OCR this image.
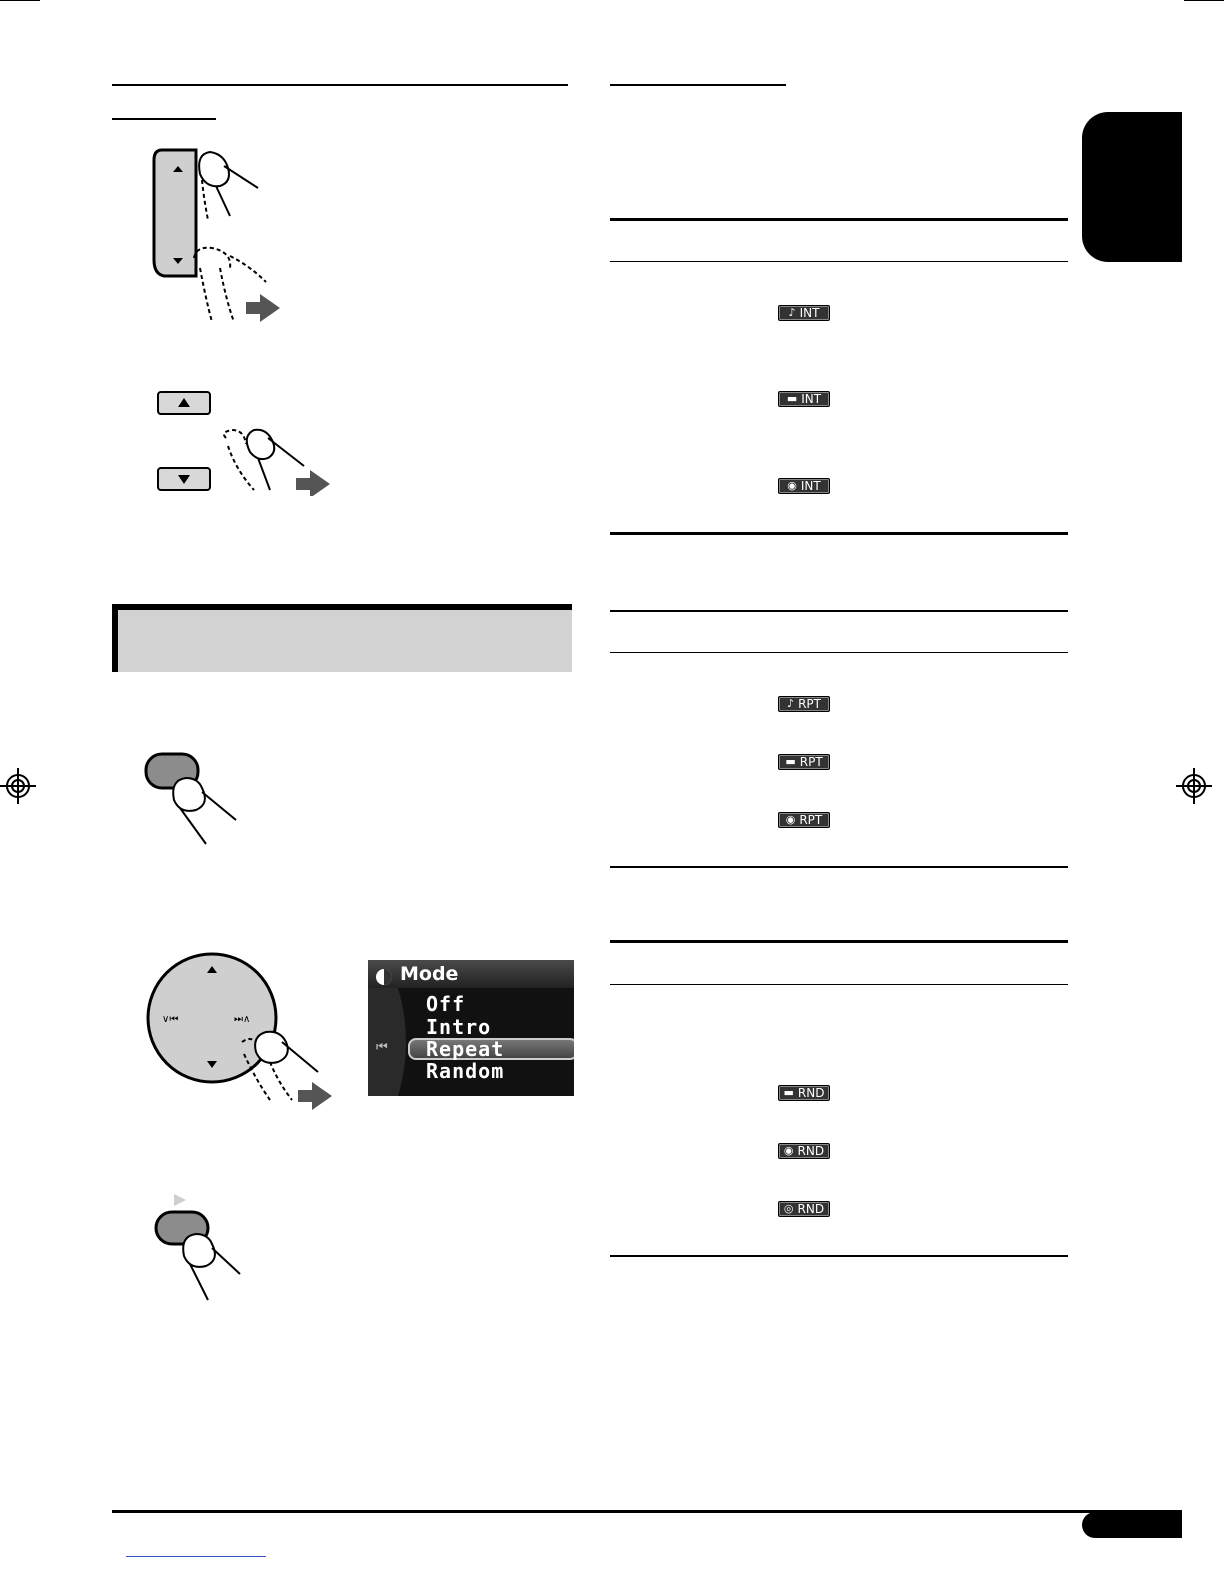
∨⏮	⏭∧
Mode
⏮
Off
Intro
Repeat
Random
♪ INT
▬ INT
◉ INT
♪ RPT
▬ RPT
◉ RPT
▬ RND
◉ RND
◎ RND
